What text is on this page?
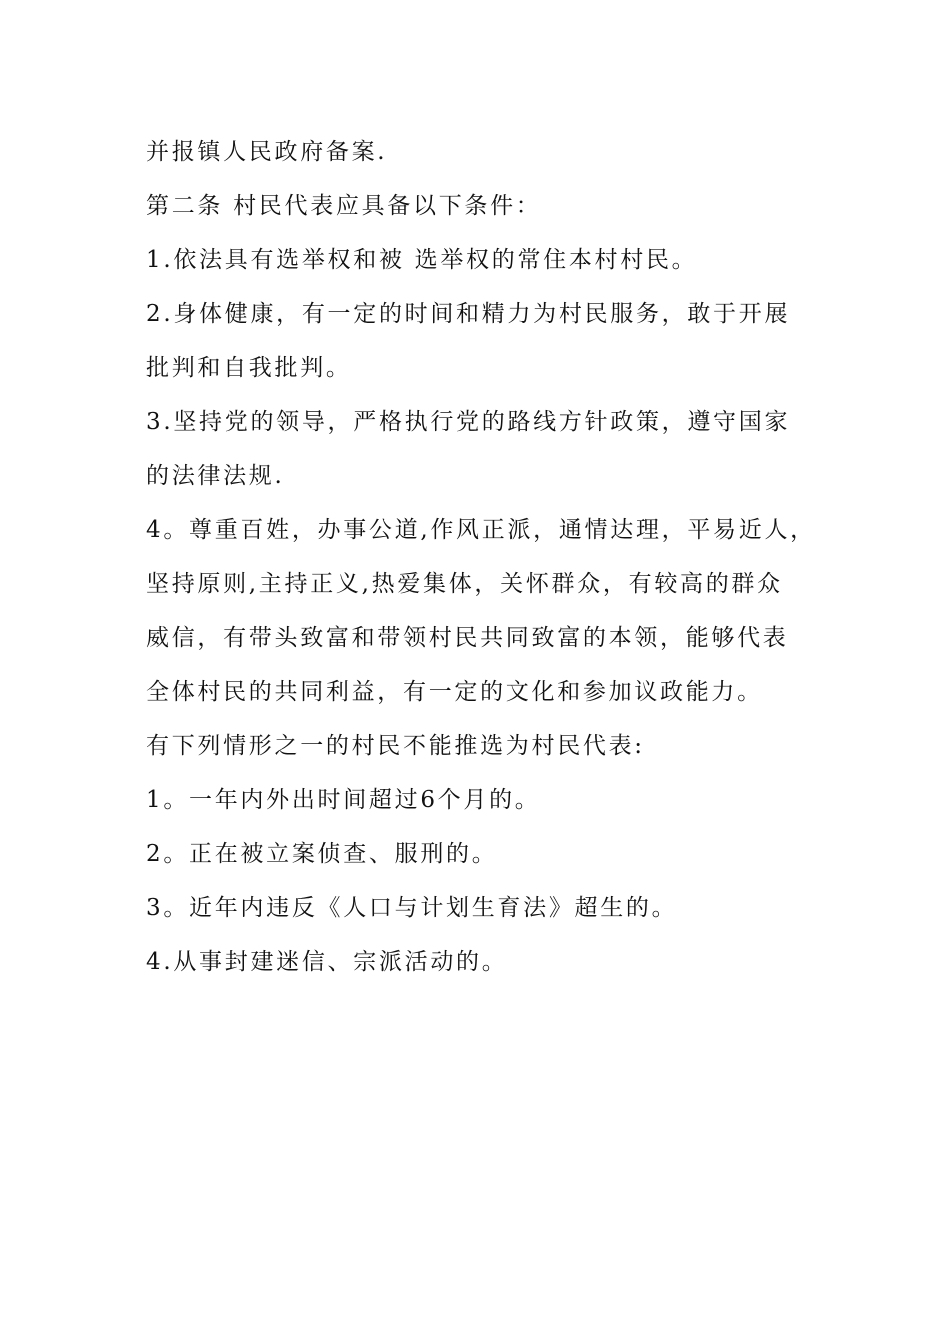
并报镇人民政府备案.
第二条 村民代表应具备以下条件：
1.依法具有选举权和被 选举权的常住本村村民。
2.身体健康，有一定的时间和精力为村民服务，敢于开展
批判和自我批判。
3.坚持党的领导，严格执行党的路线方针政策，遵守国家
的法律法规.
4。尊重百姓，办事公道,作风正派，通情达理，平易近人，
坚持原则,主持正义,热爱集体，关怀群众，有较高的群众
威信，有带头致富和带领村民共同致富的本领，能够代表
全体村民的共同利益，有一定的文化和参加议政能力。
有下列情形之一的村民不能推选为村民代表:
1。一年内外出时间超过6个月的。
2。正在被立案侦查、服刑的。
3。近年内违反《人口与计划生育法》超生的。
4.从事封建迷信、宗派活动的。
